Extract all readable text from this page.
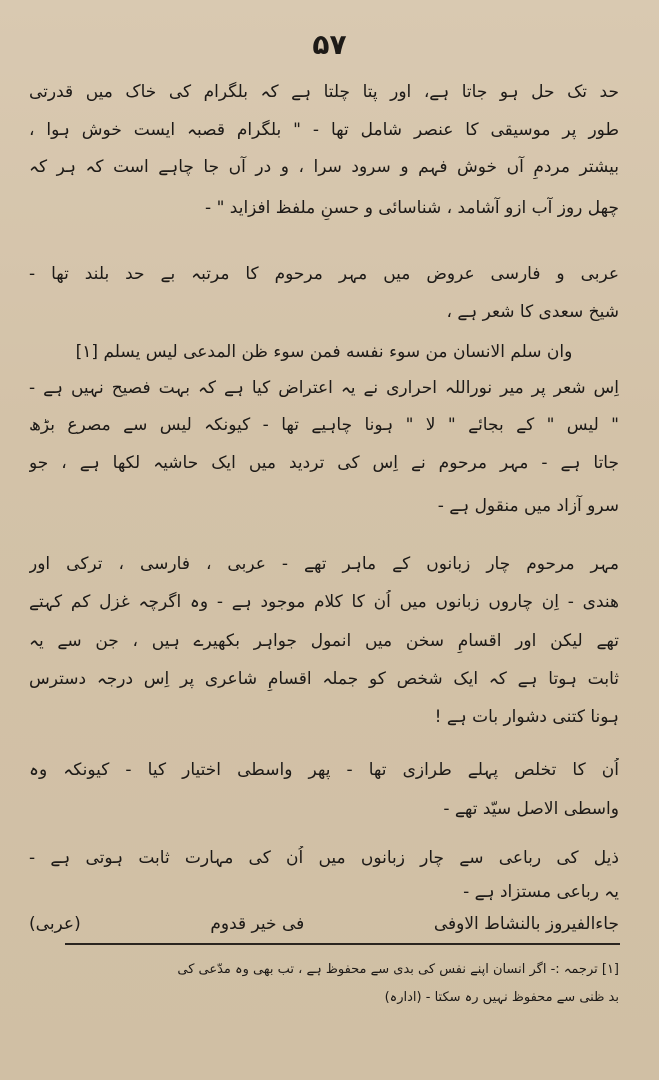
۵۷
حد تک حل ہو جاتا ہے، اور پتا چلتا ہے کہ بلگرام کی خاک میں قدرتی
طور پر موسیقی کا عنصر شامل تھا - " بلگرام قصبہ ایست خوش ہوا ،
بیشتر مردمِ آں خوش فہم و سرود سرا ، و در آں جا چاہے است کہ ہر کہ
چھل روز آب ازو آشامد ، شناسائی و حسنِ ملفظ افزاید " -
عربی و فارسی عروض میں مہر مرحوم کا مرتبہ بے حد بلند تھا -
شیخ سعدی کا شعر ہے ،
وان سلم الانسان من سوء نفسه فمن سوء ظن المدعی لیس یسلم [۱]
اِس شعر پر میر نوراللہ احراری نے یہ اعتراض کیا ہے کہ بہت فصیح نہیں ہے -
" لیس " کے بجائے " لا " ہونا چاہیے تھا - کیونکہ لیس سے مصرع بڑھ
جاتا ہے - مہر مرحوم نے اِس کی تردید میں ایک حاشیہ لکھا ہے ، جو
سرو آزاد میں منقول ہے -
مہر مرحوم چار زبانوں کے ماہر تھے - عربی ، فارسی ، ترکی اور
ھندی - اِن چاروں زبانوں میں اُن کا کلام موجود ہے - وہ اگرچہ غزل کم کہتے
تھے لیکن اور اقسامِ سخن میں انمول جواہر بکھیرے ہیں ، جن سے یہ
ثابت ہوتا ہے کہ ایک شخص کو جملہ اقسامِ شاعری پر اِس درجہ دسترس
ہونا کتنی دشوار بات ہے !
اُن کا تخلص پہلے طرازی تھا - پھر واسطی اختیار کیا - کیونکہ وہ
واسطی الاصل سیّد تھے -
ذیل کی رباعی سے چار زبانوں میں اُن کی مہارت ثابت ہوتی ہے -
یہ رباعی مستزاد ہے -
جاءالفیروز بالنشاط الاوفی
فی خیر قدوم
(عربی)
[۱] ترجمہ :- اگر انسان اپنے نفس کی بدی سے محفوظ ہے ، تب بھی وہ مدّعی کی
بد ظنی سے محفوظ نہیں رہ سکتا - (ادارہ)
